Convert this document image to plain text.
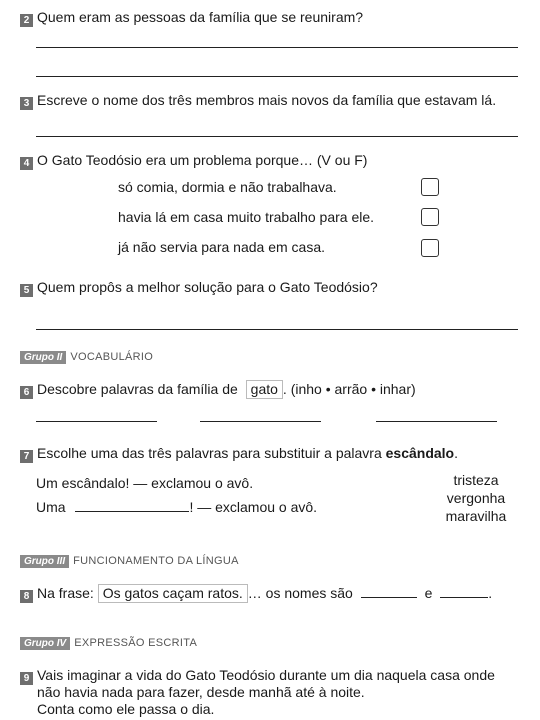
2 Quem eram as pessoas da família que se reuniram?
3 Escreve o nome dos três membros mais novos da família que estavam lá.
4 O Gato Teodósio era um problema porque… (V ou F)
só comia, dormia e não trabalhava.
havia lá em casa muito trabalho para ele.
já não servia para nada em casa.
5 Quem propôs a melhor solução para o Gato Teodósio?
Grupo II VOCABULÁRIO
6 Descobre palavras da família de gato . (inho • arrão • inhar)
7 Escolhe uma das três palavras para substituir a palavra escândalo.
Um escândalo! — exclamou o avô.
Uma	! — exclamou o avô.
tristeza
vergonha
maravilha
Grupo III FUNCIONAMENTO DA LÍNGUA
8 Na frase: Os gatos caçam ratos. … os nomes são	e	.
Grupo IV EXPRESSÃO ESCRITA
9 Vais imaginar a vida do Gato Teodósio durante um dia naquela casa onde
não havia nada para fazer, desde manhã até à noite.
Conta como ele passa o dia.
